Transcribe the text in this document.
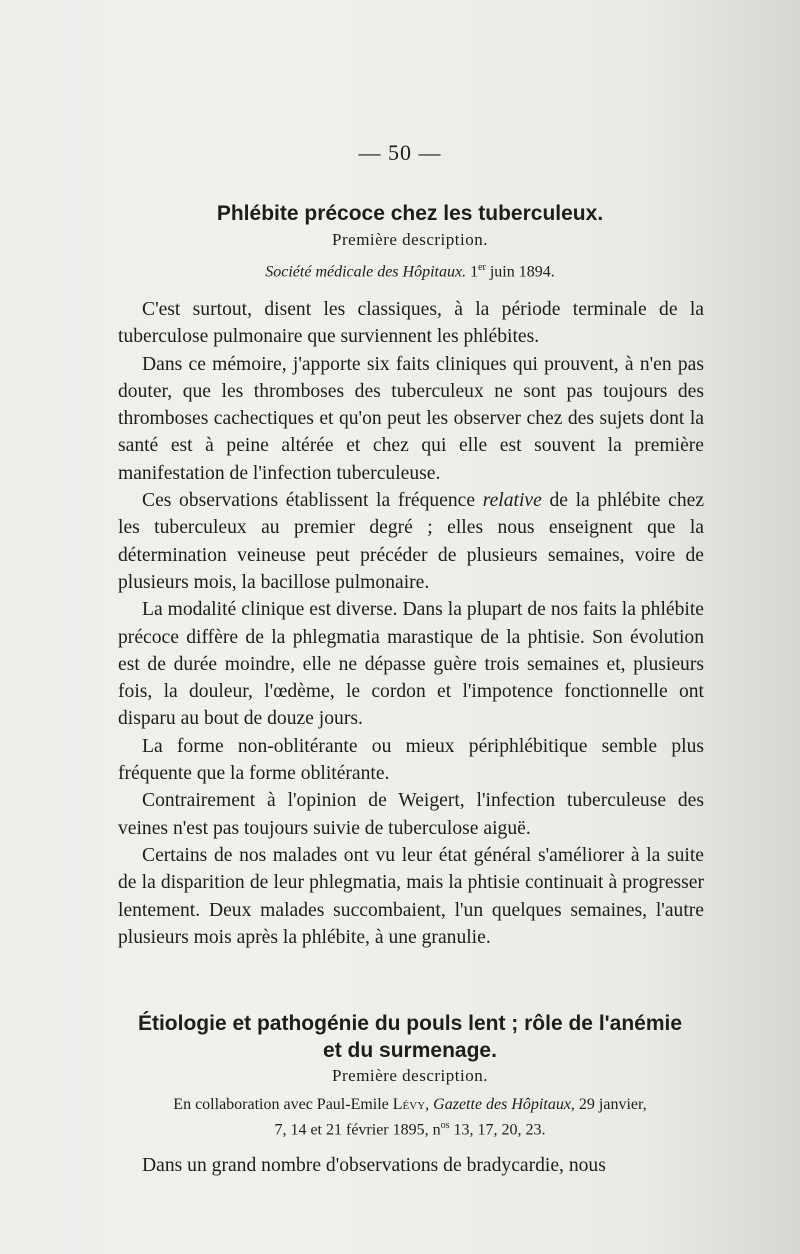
— 50 —
Phlébite précoce chez les tuberculeux.
Première description.
Société médicale des Hôpitaux. 1er juin 1894.

C'est surtout, disent les classiques, à la période terminale de la tuberculose pulmonaire que surviennent les phlébites.

Dans ce mémoire, j'apporte six faits cliniques qui prouvent, à n'en pas douter, que les thromboses des tuberculeux ne sont pas toujours des thromboses cachectiques et qu'on peut les observer chez des sujets dont la santé est à peine altérée et chez qui elle est souvent la première manifestation de l'infection tuberculeuse.

Ces observations établissent la fréquence relative de la phlébite chez les tuberculeux au premier degré ; elles nous enseignent que la détermination veineuse peut précéder de plusieurs semaines, voire de plusieurs mois, la bacillose pulmonaire.

La modalité clinique est diverse. Dans la plupart de nos faits la phlébite précoce diffère de la phlegmatia marastique de la phtisie. Son évolution est de durée moindre, elle ne dépasse guère trois semaines et, plusieurs fois, la douleur, l'œdème, le cordon et l'impotence fonctionnelle ont disparu au bout de douze jours.

La forme non-oblitérante ou mieux périphlébitique semble plus fréquente que la forme oblitérante.

Contrairement à l'opinion de Weigert, l'infection tuberculeuse des veines n'est pas toujours suivie de tuberculose aiguë.

Certains de nos malades ont vu leur état général s'améliorer à la suite de la disparition de leur phlegmatia, mais la phtisie continuait à progresser lentement. Deux malades succombaient, l'un quelques semaines, l'autre plusieurs mois après la phlébite, à une granulie.

Étiologie et pathogénie du pouls lent ; rôle de l'anémie
et du surmenage.
Première description.
En collaboration avec Paul-Emile Lévy, Gazette des Hôpitaux, 29 janvier,
7, 14 et 21 février 1895, $n^{os}$ 13, 17, 20, 23.

Dans un grand nombre d'observations de bradycardie, nous
